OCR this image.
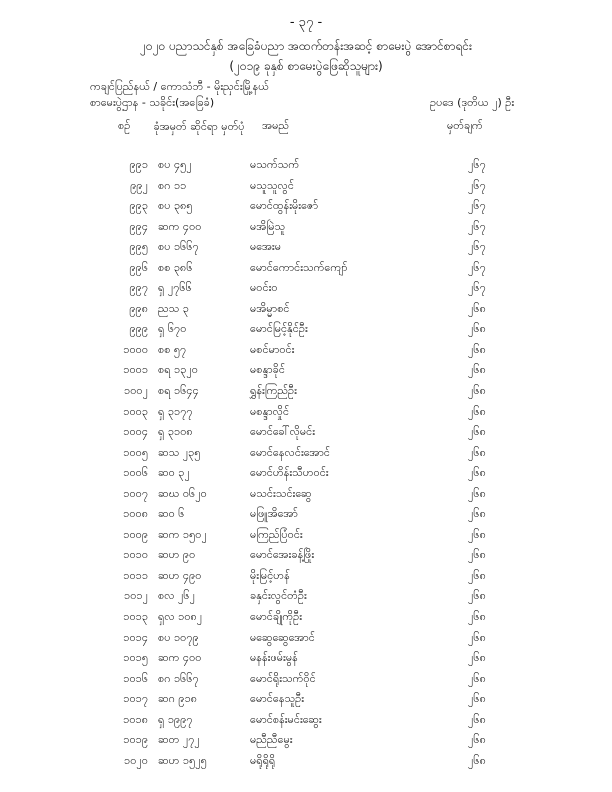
- ၃၇ -
၂၀၂၀ ပညာသင်နှစ် အခြေခံပညာ အထက်တန်းအဆင့် စာမေးပွဲ အောင်စာရင်း
(၂၀၁၉ ခုနှစ် စာမေးပွဲဖြေဆိုသူများ)
ကချင်ပြည်နယ် / ကောသံဘီ - မိုးညှင်းမြို့နယ်
စာမေးပွဲဌာန - သခိုင်း(အခြေခံ)	ဥပဒေ (ဒုတိယ ၂) ဦး
စဉ်	ခုံအမှတ် ဆိုင်ရာ မှတ်ပုံ	အမည်	မှတ်ချက်
၉၉၁ စပ ၄၅၂	မသက်သက်	၂၆၇
၉၉၂ စဂ ၁၁	မသူသူလွင်	၂၆၇
၉၉၃ စပ ၃၈၅	မောင်ထွန်းမိုးဇော်	၂၆၇
၉၉၄ ဆက ၄၀၀	မအိမြဲသူ	၂၆၇
၉၉၅ စပ ၁၆၆၇	မအေးမ	၂၆၇
၉၉၆ စစ ၃၈၆	မောင်ကောင်းသက်ကျော်	၂၆၇
၉၉၇ ရှ ၂၇၆၆	မဝင်းဝ	၂၆၇
၉၉၈ ညသ ၃	မအိမ္မာစင်	၂၆၈
၉၉၉ ရှ ၆၇၀	မောင်မြင့်နိုင်ဦး	၂၆၈
၁၀၀၀ စစ ၅၇	မစင်မာဝင်း	၂၆၈
၁၀၀၁ စရ ၁၃၂၀	မစန္ဒာခိုင်	၂၆၈
၁၀၀၂ စရ ၁၆၄၄	ရွှန်းကြည်ဦး	၂၆၈
၁၀၀၃ ရှ ၃၁၇၇	မစန္ဒာလှိုင်	၂၆၈
၁၀၀၄ ရှ ၃၁၀၈	မောင်ခေါ်လိုမင်း	၂၆၈
၁၀၀၅ ဆသ ၂၃၅	မောင်နေလင်းအောင်	၂၆၈
၁၀၀၆ ဆဝ ၃၂	မောင်ဟိန်းသီဟဝင်း	၂၆၈
၁၀၀၇ ဆဃ ၀၆၂၀	မသင်းသင်းဆွေ	၂၆၈
၁၀၀၈ ဆဝ ၆	မဖြူအိအော်	၂၆၈
၁၀၀၉ ဆက ၁၅၀၂	မကြည်ပြံဝင်း	၂၆၈
၁၀၁၀ ဆဟ ၉၀	မောင်အေးခန့်ဖြိုး	၂၆၈
၁၀၁၁ ဆဟ ၄၉၀	မိုးမြင့်ဟန်	၂၆၈
၁၀၁၂ စလ ၂၆၂	ခနှင်းလွင်တံဦး	၂၆၈
၁၀၁၃ ရှလ ၁၀၈၂	မောင်ချိုကိုဦး	၂၆၈
၁၀၁၄ စပ ၁၀၇၉	မဆွေဆွေအောင်	၂၆၈
၁၀၁၅ ဆက ၄၀၀	မနန်းဖမ်းမွန်	၂၆၈
၁၀၁၆ စဂ ၁၆၆၇	မောင်ရိုးသက်ဝိုင်	၂၆၈
၁၀၁၇ ဆဂ ၉၁၈	မောင်နေသူဦး	၂၆၈
၁၀၁၈ ရှ ၁၉၉၇	မောင်စန်းမင်းဆွေး	၂၆၈
၁၀၁၉ ဆတ ၂၇၂	မညီညီမွေး	၂၆၈
၁၀၂၀ ဆဟ ၁၅၂၅	မရိုရိုရို	၂၆၈
